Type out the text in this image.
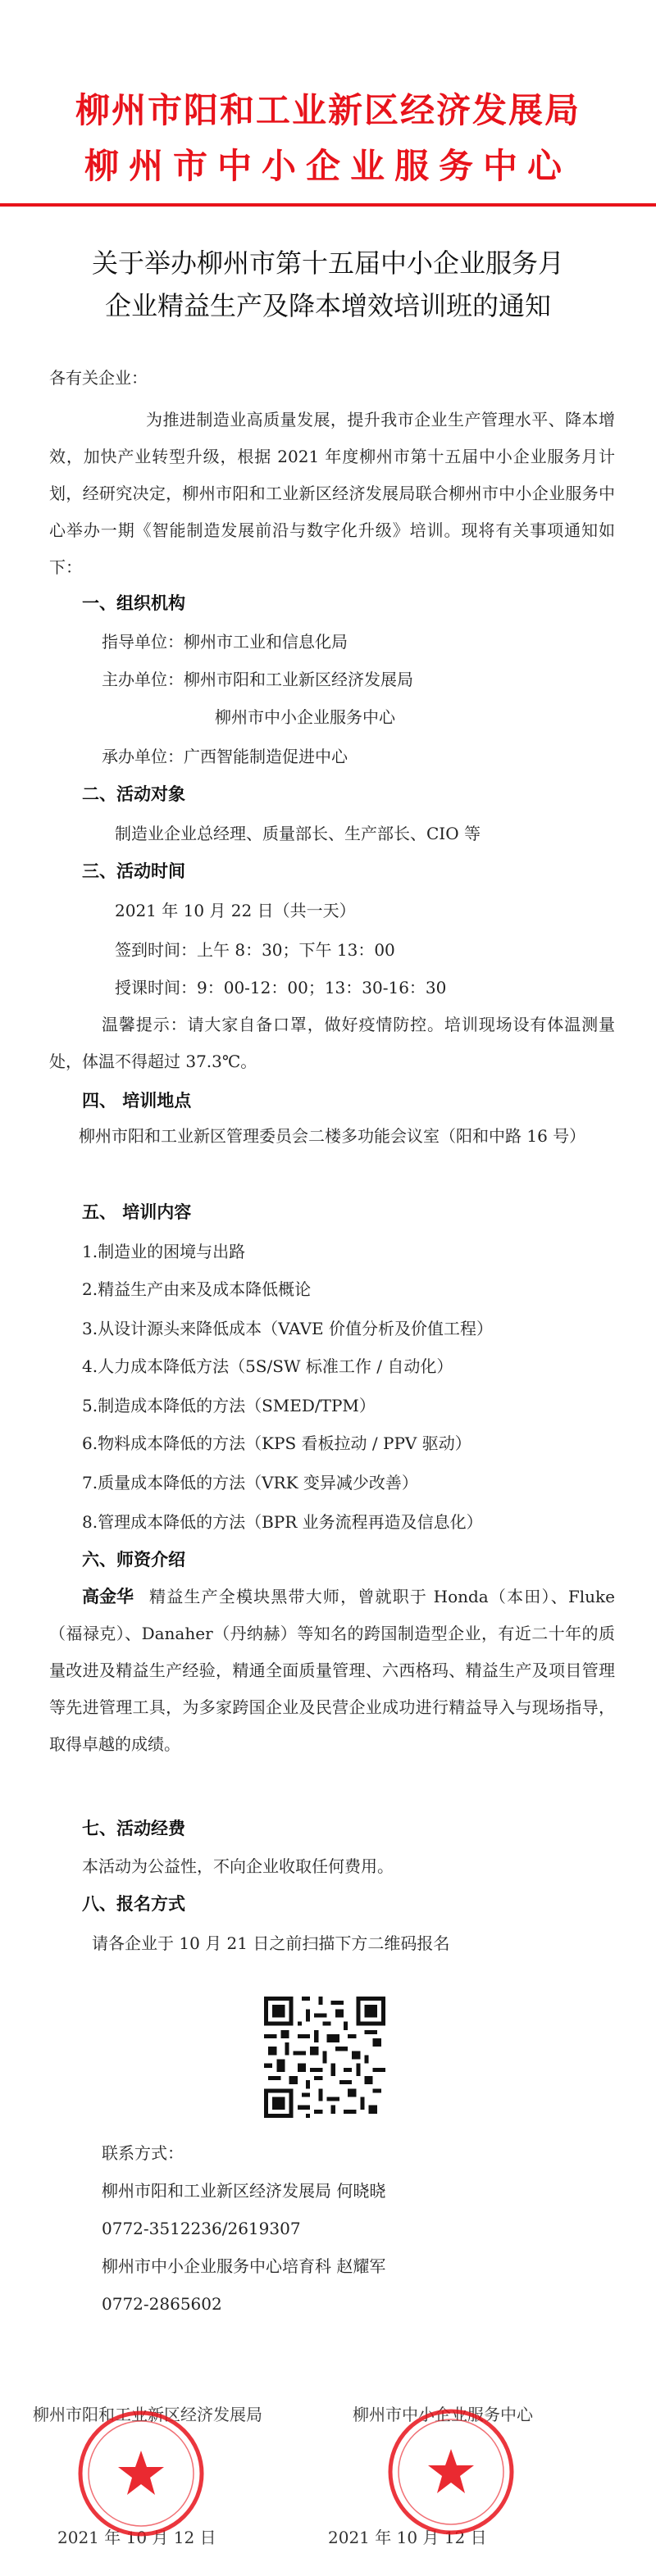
柳州市阳和工业新区经济发展局
柳州市中小企业服务中心
关于举办柳州市第十五届中小企业服务月
企业精益生产及降本增效培训班的通知
各有关企业：
为推进制造业高质量发展，提升我市企业生产管理水平、降本增效，加快产业转型升级，根据 2021 年度柳州市第十五届中小企业服务月计划，经研究决定，柳州市阳和工业新区经济发展局联合柳州市中小企业服务中心举办一期《智能制造发展前沿与数字化升级》培训。现将有关事项通知如下：
一、组织机构
指导单位：柳州市工业和信息化局
主办单位：柳州市阳和工业新区经济发展局
柳州市中小企业服务中心
承办单位：广西智能制造促进中心
二、活动对象
制造业企业总经理、质量部长、生产部长、CIO 等
三、活动时间
2021 年 10 月 22 日（共一天）
签到时间：上午 8：30；下午 13：00
授课时间：9：00-12：00；13：30-16：30
温馨提示：请大家自备口罩，做好疫情防控。培训现场设有体温测量处，体温不得超过 37.3℃。
四、 培训地点
柳州市阳和工业新区管理委员会二楼多功能会议室（阳和中路 16 号）
五、 培训内容
1.制造业的困境与出路
2.精益生产由来及成本降低概论
3.从设计源头来降低成本（VAVE 价值分析及价值工程）
4.人力成本降低方法（5S/SW 标准工作 / 自动化）
5.制造成本降低的方法（SMED/TPM）
6.物料成本降低的方法（KPS 看板拉动 / PPV 驱动）
7.质量成本降低的方法（VRK 变异减少改善）
8.管理成本降低的方法（BPR 业务流程再造及信息化）
六、师资介绍
精益生产全模块黑带大师，曾就职于 Honda（本田）、Fluke（福禄克）、Danaher（丹纳赫）等知名的跨国制造型企业，有近二十年的质量改进及精益生产经验，精通全面质量管理、六西格玛、精益生产及项目管理等先进管理工具，为多家跨国企业及民营企业成功进行精益导入与现场指导，取得卓越的成绩。
高金华
七、活动经费
本活动为公益性，不向企业收取任何费用。
八、报名方式
请各企业于 10 月 21 日之前扫描下方二维码报名
联系方式：
柳州市阳和工业新区经济发展局 何晓晓
0772-3512236/2619307
柳州市中小企业服务中心培育科 赵耀军
0772-2865602
柳州市阳和工业新区经济发展局	柳州市中小企业服务中心
2021 年 10 月 12 日	2021 年 10 月 12 日
